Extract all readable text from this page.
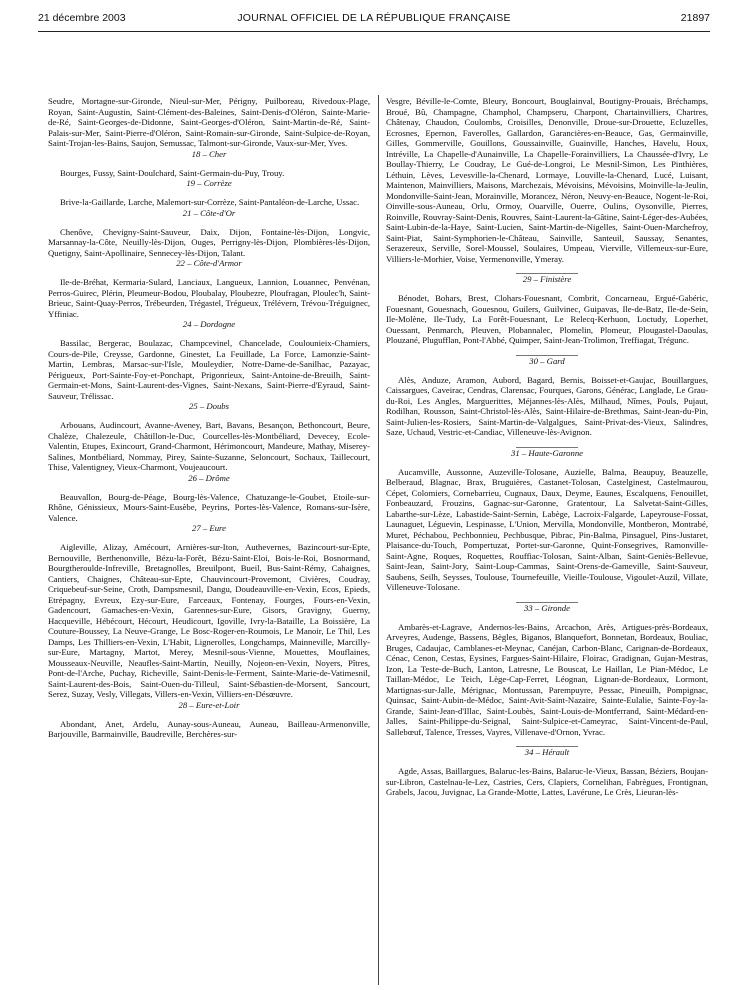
21 décembre 2003	JOURNAL OFFICIEL DE LA RÉPUBLIQUE FRANÇAISE	21897

Seudre, Mortagne-sur-Gironde, Nieul-sur-Mer, Périgny, Puilboreau, Rivedoux-Plage, Royan, Saint-Augustin, Saint-Clément-des-Baleines, Saint-Denis-d'Oléron, Sainte-Marie-de-Ré, Saint-Georges-de-Didonne, Saint-Georges-d'Oléron, Saint-Martin-de-Ré, Saint-Palais-sur-Mer, Saint-Pierre-d'Oléron, Saint-Romain-sur-Gironde, Saint-Sulpice-de-Royan, Saint-Trojan-les-Bains, Saujon, Semussac, Talmont-sur-Gironde, Vaux-sur-Mer, Yves.

18 – Cher

Bourges, Fussy, Saint-Doulchard, Saint-Germain-du-Puy, Trouy.

19 – Corrèze

Brive-la-Gaillarde, Larche, Malemort-sur-Corrèze, Saint-Pantaléon-de-Larche, Ussac.

21 – Côte-d'Or

Chenôve, Chevigny-Saint-Sauveur, Daix, Dijon, Fontaine-lès-Dijon, Longvic, Marsannay-la-Côte, Neuilly-lès-Dijon, Ouges, Perrigny-lès-Dijon, Plombières-lès-Dijon, Quetigny, Saint-Apollinaire, Sennecey-lès-Dijon, Talant.

22 – Côte-d'Armor

Ile-de-Bréhat, Kermaria-Sulard, Lanciaux, Langueux, Lannion, Louannec, Penvénan, Perros-Guirec, Plérin, Pleumeur-Bodou, Ploubalay, Ploubezre, Ploufragan, Ploulec'h, Saint-Brieuc, Saint-Quay-Perros, Trébeurden, Trégastel, Trégueux, Trélévern, Trévou-Tréguignec, Yffiniac.

24 – Dordogne

Bassilac, Bergerac, Boulazac, Champcevinel, Chancelade, Coulounieix-Chamiers, Cours-de-Pile, Creysse, Gardonne, Ginestet, La Feuillade, La Force, Lamonzie-Saint-Martin, Lembras, Marsac-sur-l'Isle, Mouleydier, Notre-Dame-de-Sanilhac, Pazayac, Périgueux, Port-Sainte-Foy-et-Ponchapt, Prigonrieux, Saint-Antoine-de-Breuilh, Saint-Germain-et-Mons, Saint-Laurent-des-Vignes, Saint-Nexans, Saint-Pierre-d'Eyraud, Saint-Sauveur, Trélissac.

25 – Doubs

Arbouans, Audincourt, Avanne-Aveney, Bart, Bavans, Besançon, Bethoncourt, Beure, Chalèze, Chalezeule, Châtillon-le-Duc, Courcelles-lès-Montbéliard, Devecey, Ecole-Valentin, Etupes, Exincourt, Grand-Charmont, Hérimoncourt, Mandeure, Mathay, Miserey-Salines, Montbéliard, Nommay, Pirey, Sainte-Suzanne, Seloncourt, Sochaux, Taillecourt, Thise, Valentigney, Vieux-Charmont, Voujeaucourt.

26 – Drôme

Beauvallon, Bourg-de-Péage, Bourg-lès-Valence, Chatuzange-le-Goubet, Etoile-sur-Rhône, Génissieux, Mours-Saint-Eusèbe, Peyrins, Portes-lès-Valence, Romans-sur-Isère, Valence.

27 – Eure

Aigleville, Alizay, Amécourt, Arnières-sur-Iton, Authevernes, Bazincourt-sur-Epte, Bernouville, Berthenonville, Bézu-la-Forêt, Bézu-Saint-Eloi, Bois-le-Roi, Bosnormand, Bourgtheroulde-Infreville, Bretagnolles, Breuilpont, Bueil, Bus-Saint-Rémy, Cahaignes, Cantiers, Chaignes, Château-sur-Epte, Chauvincourt-Provemont, Civières, Coudray, Criquebeuf-sur-Seine, Croth, Dampsmesnil, Dangu, Doudeauville-en-Vexin, Ecos, Epieds, Etrépagny, Evreux, Ezy-sur-Eure, Farceaux, Fontenay, Fourges, Fours-en-Vexin, Gadencourt, Gamaches-en-Vexin, Garennes-sur-Eure, Gisors, Gravigny, Guerny, Hacqueville, Hébécourt, Hécourt, Heudicourt, Igoville, Ivry-la-Bataille, La Boissière, La Couture-Boussey, La Neuve-Grange, Le Bosc-Roger-en-Roumois, Le Manoir, Le Thil, Les Damps, Les Thilliers-en-Vexin, L'Habit, Lignerolles, Longchamps, Mainneville, Marcilly-sur-Eure, Martagny, Martot, Merey, Mesnil-sous-Vienne, Mouettes, Mouflaines, Mousseaux-Neuville, Neaufles-Saint-Martin, Neuilly, Nojeon-en-Vexin, Noyers, Pîtres, Pont-de-l'Arche, Puchay, Richeville, Saint-Denis-le-Ferment, Sainte-Marie-de-Vatimesnil, Saint-Laurent-des-Bois, Saint-Ouen-du-Tilleul, Saint-Sébastien-de-Morsent, Sancourt, Serez, Suzay, Vesly, Villegats, Villers-en-Vexin, Villiers-en-Désœuvre.

28 – Eure-et-Loir

Abondant, Anet, Ardelu, Aunay-sous-Auneau, Auneau, Bailleau-Armenonville, Barjouville, Barmainville, Baudreville, Berchères-sur-

Vesgre, Béville-le-Comte, Bleury, Boncourt, Bouglainval, Boutigny-Prouais, Bréchamps, Broué, Bû, Champagne, Champhol, Champseru, Charpont, Chartainvilliers, Chartres, Châtenay, Chaudon, Coulombs, Croisilles, Denonville, Droue-sur-Drouette, Ecluzelles, Ecrosnes, Epernon, Faverolles, Gallardon, Garancières-en-Beauce, Gas, Germainville, Gilles, Gommerville, Gouillons, Goussainville, Guainville, Hanches, Havelu, Houx, Intréville, La Chapelle-d'Aunainville, La Chapelle-Forainvilliers, La Chaussée-d'Ivry, Le Boullay-Thierry, Le Coudray, Le Gué-de-Longroi, Le Mesnil-Simon, Les Pinthières, Léthuin, Lèves, Levesville-la-Chenard, Lormaye, Louville-la-Chenard, Lucé, Luisant, Maintenon, Mainvilliers, Maisons, Marchezais, Mévoisins, Mévoisins, Moinville-la-Jeulin, Mondonville-Saint-Jean, Morainville, Morancez, Néron, Neuvy-en-Beauce, Nogent-le-Roi, Oinville-sous-Auneau, Orlu, Ormoy, Ouarville, Ouerre, Oulins, Oysonville, Pierres, Roinville, Rouvray-Saint-Denis, Rouvres, Saint-Laurent-la-Gâtine, Saint-Léger-des-Aubées, Saint-Lubin-de-la-Haye, Saint-Lucien, Saint-Martin-de-Nigelles, Saint-Ouen-Marchefroy, Saint-Piat, Saint-Symphorien-le-Château, Sainville, Santeuil, Saussay, Senantes, Serazereux, Serville, Sorel-Moussel, Soulaires, Umpeau, Vierville, Villemeux-sur-Eure, Villiers-le-Morhier, Voise, Yermenonville, Ymeray.

29 – Finistère

Bénodet, Bohars, Brest, Clohars-Fouesnant, Combrit, Concarneau, Ergué-Gabéric, Fouesnant, Gouesnach, Gouesnou, Guilers, Guilvinec, Guipavas, Ile-de-Batz, Ile-de-Sein, Ile-Molène, Ile-Tudy, La Forêt-Fouesnant, Le Relecq-Kerhuon, Loctudy, Loperhet, Ouessant, Penmarch, Pleuven, Plobannalec, Plomelin, Plomeur, Plougastel-Daoulas, Plouzané, Plugufflan, Pont-l'Abbé, Quimper, Saint-Jean-Trolimon, Treffiagat, Trégunc.

30 – Gard

Alès, Anduze, Aramon, Aubord, Bagard, Bernis, Boisset-et-Gaujac, Bouillargues, Caissargues, Caveirac, Cendras, Clarensac, Fourques, Garons, Générac, Langlade, Le Grau-du-Roi, Les Angles, Marguerittes, Méjannes-lès-Alès, Milhaud, Nîmes, Pouls, Pujaut, Rodilhan, Rousson, Saint-Christol-lès-Alès, Saint-Hilaire-de-Brethmas, Saint-Jean-du-Pin, Saint-Julien-les-Rosiers, Saint-Martin-de-Valgalgues, Saint-Privat-des-Vieux, Salindres, Saze, Uchaud, Vestric-et-Candiac, Villeneuve-lès-Avignon.

31 – Haute-Garonne

Aucamville, Aussonne, Auzeville-Tolosane, Auzielle, Balma, Beaupuy, Beauzelle, Belberaud, Blagnac, Brax, Bruguières, Castanet-Tolosan, Castelginest, Castelmaurou, Cépet, Colomiers, Cornebarrieu, Cugnaux, Daux, Deyme, Eaunes, Escalquens, Fenouillet, Fonbeauzard, Frouzins, Gagnac-sur-Garonne, Gratentour, La Salvetat-Saint-Gilles, Labarthe-sur-Lèze, Labastide-Saint-Sernin, Labège, Lacroix-Falgarde, Lapeyrouse-Fossat, Launaguet, Léguevin, Lespinasse, L'Union, Mervilla, Mondonville, Montberon, Montrabé, Muret, Péchabou, Pechbonnieu, Pechbusque, Pibrac, Pin-Balma, Pinsaguel, Pins-Justaret, Plaisance-du-Touch, Pompertuzat, Portet-sur-Garonne, Quint-Fonsegrives, Ramonville-Saint-Agne, Roques, Roquettes, Rouffiac-Tolosan, Saint-Alban, Saint-Geniès-Bellevue, Saint-Jean, Saint-Jory, Saint-Loup-Cammas, Saint-Orens-de-Gameville, Saint-Sauveur, Saubens, Seilh, Seysses, Toulouse, Tournefeuille, Vieille-Toulouse, Vigoulet-Auzil, Villate, Villeneuve-Tolosane.

33 – Gironde

Ambarès-et-Lagrave, Andernos-les-Bains, Arcachon, Arès, Artigues-près-Bordeaux, Arveyres, Audenge, Bassens, Bègles, Biganos, Blanquefort, Bonnetan, Bordeaux, Bouliac, Bruges, Cadaujac, Camblanes-et-Meynac, Canéjan, Carbon-Blanc, Carignan-de-Bordeaux, Cénac, Cenon, Cestas, Eysines, Fargues-Saint-Hilaire, Floirac, Gradignan, Gujan-Mestras, Izon, La Teste-de-Buch, Lanton, Latresne, Le Bouscat, Le Haillan, Le Pian-Médoc, Le Taillan-Médoc, Le Teich, Lège-Cap-Ferret, Léognan, Lignan-de-Bordeaux, Lormont, Martignas-sur-Jalle, Mérignac, Montussan, Parempuyre, Pessac, Pineuilh, Pompignac, Quinsac, Saint-Aubin-de-Médoc, Saint-Avit-Saint-Nazaire, Sainte-Eulalie, Sainte-Foy-la-Grande, Saint-Jean-d'Illac, Saint-Loubès, Saint-Louis-de-Montferrand, Saint-Médard-en-Jalles, Saint-Philippe-du-Seignal, Saint-Sulpice-et-Cameyrac, Saint-Vincent-de-Paul, Sallebœuf, Talence, Tresses, Vayres, Villenave-d'Ornon, Yvrac.

34 – Hérault

Agde, Assas, Baillargues, Balaruc-les-Bains, Balaruc-le-Vieux, Bassan, Béziers, Boujan-sur-Libron, Castelnau-le-Lez, Castries, Cers, Clapiers, Cornelihan, Fabrègues, Frontignan, Grabels, Jacou, Juvignac, La Grande-Motte, Lattes, Lavérune, Le Crès, Lieuran-lès-
